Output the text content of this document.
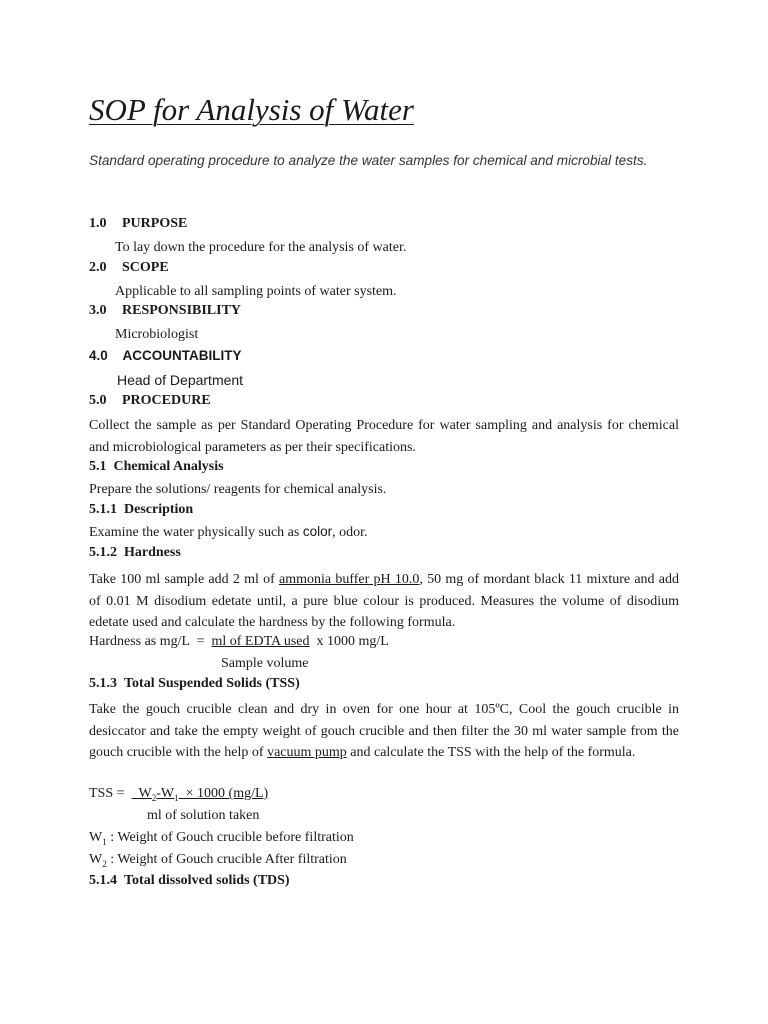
SOP for Analysis of Water
Standard operating procedure to analyze the water samples for chemical and microbial tests.
1.0 PURPOSE
To lay down the procedure for the analysis of water.
2.0 SCOPE
Applicable to all sampling points of water system.
3.0 RESPONSIBILITY
Microbiologist
4.0 ACCOUNTABILITY
Head of Department
5.0 PROCEDURE
Collect the sample as per Standard Operating Procedure for water sampling and analysis for chemical and microbiological parameters as per their specifications.
5.1 Chemical Analysis
Prepare the solutions/ reagents for chemical analysis.
5.1.1 Description
Examine the water physically such as color, odor.
5.1.2 Hardness
Take 100 ml sample add 2 ml of ammonia buffer pH 10.0, 50 mg of mordant black 11 mixture and add of 0.01 M disodium edetate until, a pure blue colour is produced. Measures the volume of disodium edetate used and calculate the hardness by the following formula.
Hardness as mg/L  =  ml of EDTA used  x 1000 mg/L
Sample volume
5.1.3 Total Suspended Solids (TSS)
Take the gouch crucible clean and dry in oven for one hour at 105ºC, Cool the gouch crucible in desiccator and take the empty weight of gouch crucible and then filter the 30 ml water sample from the gouch crucible with the help of vacuum pump and calculate the TSS with the help of the formula.
TSS =    $W_2-W_1 \times 1000$ (mg/L)
ml of solution taken
$W_1$ : Weight of Gouch crucible before filtration
$W_2$ : Weight of Gouch crucible After filtration
5.1.4 Total dissolved solids (TDS)
